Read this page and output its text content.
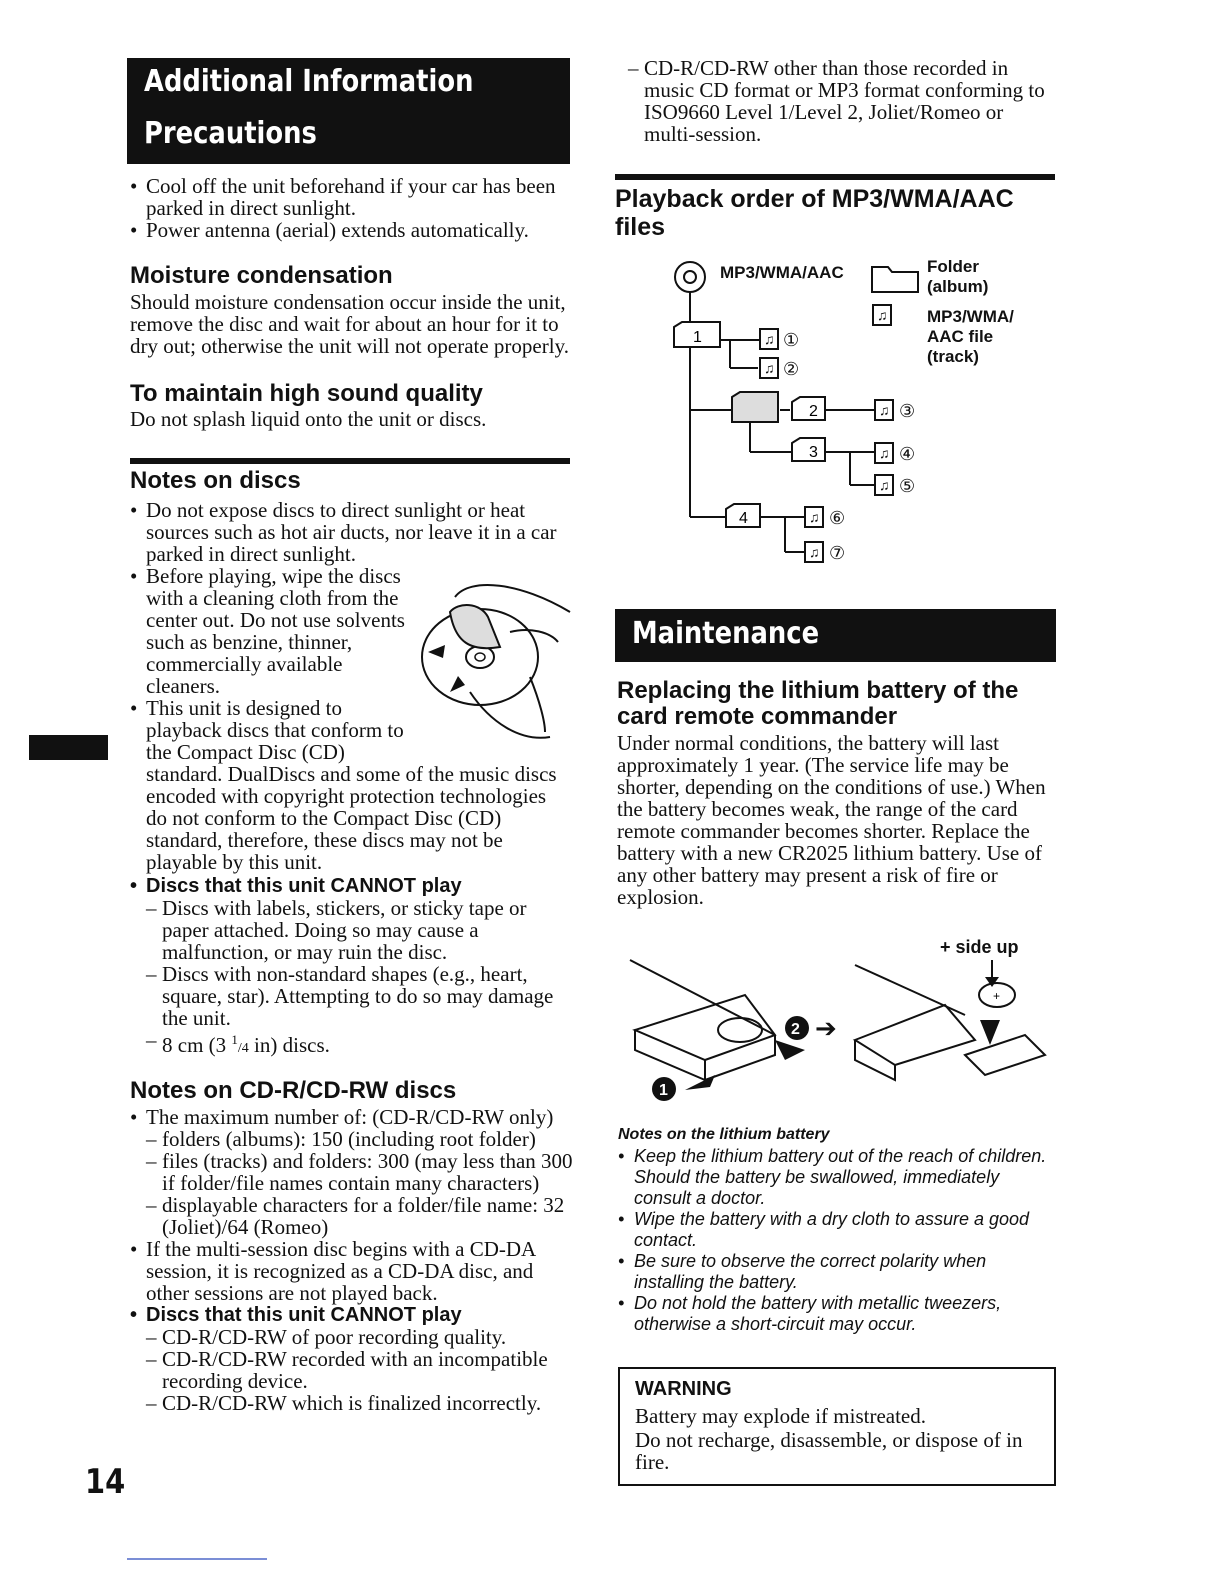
Additional Information
Precautions
• Cool off the unit beforehand if your car has been parked in direct sunlight.
• Power antenna (aerial) extends automatically.
Moisture condensation
Should moisture condensation occur inside the unit, remove the disc and wait for about an hour for it to dry out; otherwise the unit will not operate properly.
To maintain high sound quality
Do not splash liquid onto the unit or discs.
Notes on discs
• Do not expose discs to direct sunlight or heat sources such as hot air ducts, nor leave it in a car parked in direct sunlight.
• Before playing, wipe the discs
with a cleaning cloth from the
center out. Do not use solvents
such as benzine, thinner,
commercially available
cleaners.
• This unit is designed to
playback discs that conform to
the Compact Disc (CD)
standard. DualDiscs and some of the music discs encoded with copyright protection technologies do not conform to the Compact Disc (CD) standard, therefore, these discs may not be playable by this unit.
• Discs that this unit CANNOT play
– Discs with labels, stickers, or sticky tape or paper attached. Doing so may cause a malfunction, or may ruin the disc.
– Discs with non-standard shapes (e.g., heart, square, star). Attempting to do so may damage the unit.
– 8 cm (3 $^1$/4 in) discs.
Notes on CD-R/CD-RW discs
• The maximum number of: (CD-R/CD-RW only)
– folders (albums): 150 (including root folder)
– files (tracks) and folders: 300 (may less than 300 if folder/file names contain many characters)
– displayable characters for a folder/file name: 32 (Joliet)/64 (Romeo)
• If the multi-session disc begins with a CD-DA session, it is recognized as a CD-DA disc, and other sessions are not played back.
• Discs that this unit CANNOT play
– CD-R/CD-RW of poor recording quality.
– CD-R/CD-RW recorded with an incompatible recording device.
– CD-R/CD-RW which is finalized incorrectly.
14
– CD-R/CD-RW other than those recorded in music CD format or MP3 format conforming to ISO9660 Level 1/Level 2, Joliet/Romeo or multi-session.
Playback order of MP3/WMA/AAC
files
1
2
3
4
♫
♫
♫
♫
♫
♫
♫
♫
①
②
③
④
⑤
⑥
⑦
MP3/WMA/AAC	Folder
(album)
MP3/WMA/
AAC file
(track)
Maintenance
Replacing the lithium battery of the
card remote commander
Under normal conditions, the battery will last approximately 1 year. (The service life may be shorter, depending on the conditions of use.) When the battery becomes weak, the range of the card remote commander becomes shorter. Replace the battery with a new CR2025 lithium battery. Use of any other battery may present a risk of fire or explosion.
+ side up
+
2 ➔
1
Notes on the lithium battery
• Keep the lithium battery out of the reach of children. Should the battery be swallowed, immediately consult a doctor.
• Wipe the battery with a dry cloth to assure a good contact.
• Be sure to observe the correct polarity when installing the battery.
• Do not hold the battery with metallic tweezers, otherwise a short-circuit may occur.
WARNING
Battery may explode if mistreated.
Do not recharge, disassemble, or dispose of in fire.
